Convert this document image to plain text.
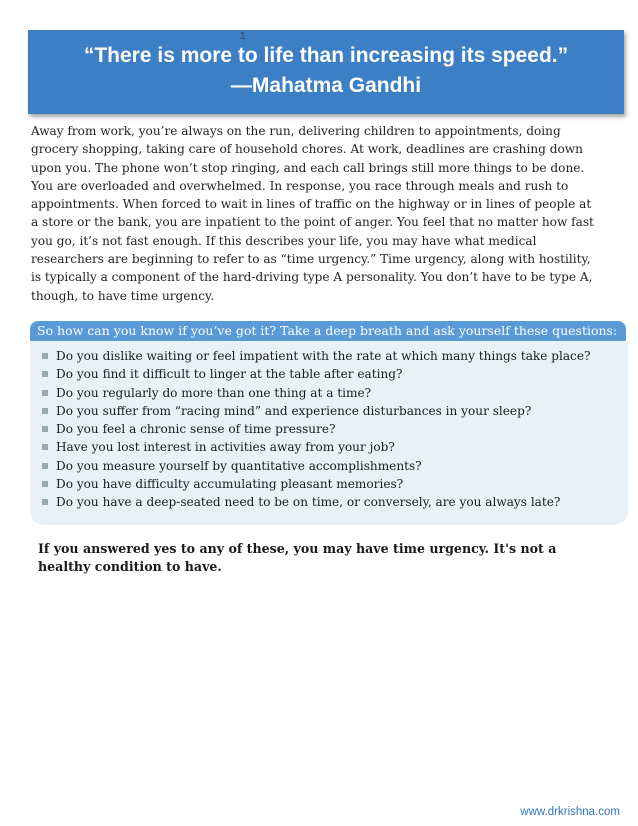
“There is more to life than increasing its speed.”
—Mahatma Gandhi
1
Away from work, you’re always on the run, delivering children to appointments, doing
grocery shopping, taking care of household chores. At work, deadlines are crashing down
upon you. The phone won’t stop ringing, and each call brings still more things to be done.
You are overloaded and overwhelmed. In response, you race through meals and rush to
appointments. When forced to wait in lines of traffic on the highway or in lines of people at
a store or the bank, you are inpatient to the point of anger. You feel that no matter how fast
you go, it’s not fast enough. If this describes your life, you may have what medical
researchers are beginning to refer to as “time urgency.” Time urgency, along with hostility,
is typically a component of the hard-driving type A personality. You don’t have to be type A,
though, to have time urgency.
So how can you know if you’ve got it? Take a deep breath and ask yourself these questions:
Do you dislike waiting or feel impatient with the rate at which many things take place?
Do you find it difficult to linger at the table after eating?
Do you regularly do more than one thing at a time?
Do you suffer from “racing mind” and experience disturbances in your sleep?
Do you feel a chronic sense of time pressure?
Have you lost interest in activities away from your job?
Do you measure yourself by quantitative accomplishments?
Do you have difficulty accumulating pleasant memories?
Do you have a deep-seated need to be on time, or conversely, are you always late?
If you answered yes to any of these, you may have time urgency. It's not a
healthy condition to have.
www.drkrishna.com
